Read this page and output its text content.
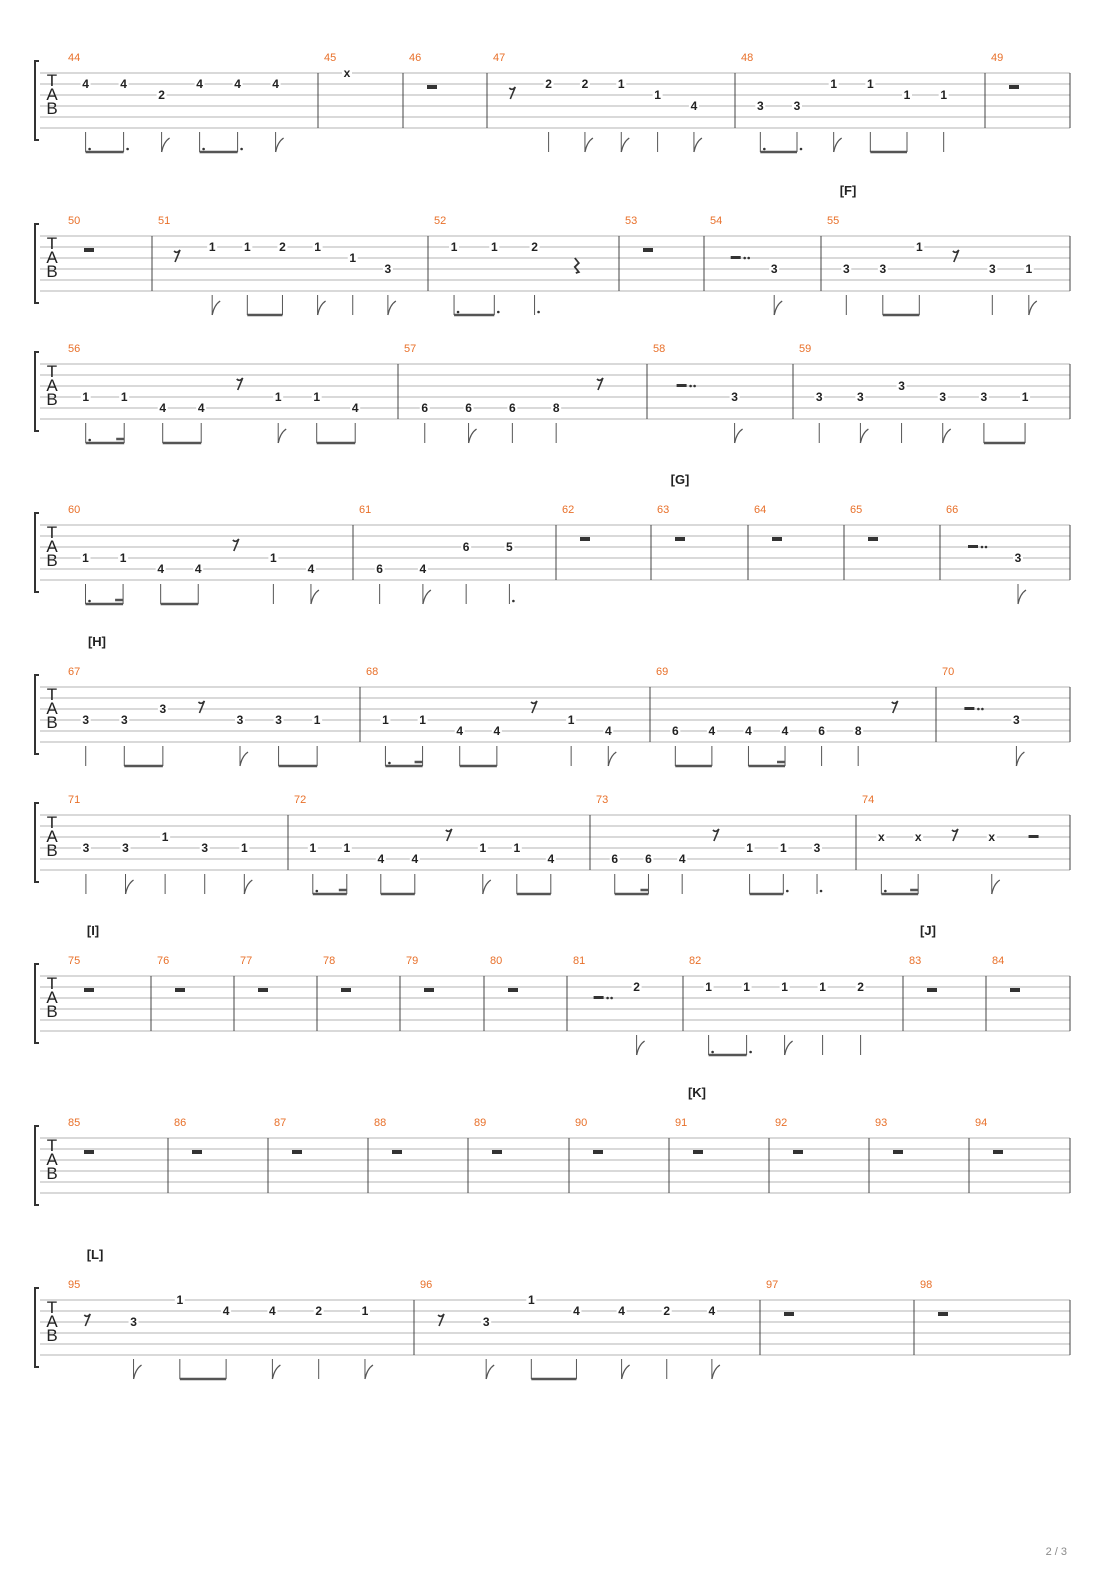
T
A
B
44
4	4
2
4	4	4
45
x
46	47
2 2 1
1
4
48
3 3
1 1
1 1
49
T
A
B
50	51
1 1 2 1
1
3
52
1	1	2
53	54
3
55
3 3
1
3 1
T
A
B
56
1	1
4	4
1	1
4
57
6	6	6	8
58
3
59
3	3
3
3	3	1
T
A
B
60
1	1
4	4
1
4
61
6	4
6	5
62	63	64	65	66
3
T
A
B
67
3	3
3
3	3	1
68
1	1
4	4
1
4
69
6 4 4 4 6 8
70
3
T
A
B
71
3	3
1
3	1
72
1 1
4 4
1 1
4
73
6 6 4
1 1 3
74
x	x	x
T
A
B
75	76	77	78	79	80	81
2
82
1	1	1	1	2
83	84
T
A
B
85	86	87	88	89	90	91	92	93	94
T
A
B
95
3
1
4	4	2	1
96
3
1
4	4	2	4
97	98
[F]
[G]
[H]
[I]	[J]
[K]
[L]
2 / 3
